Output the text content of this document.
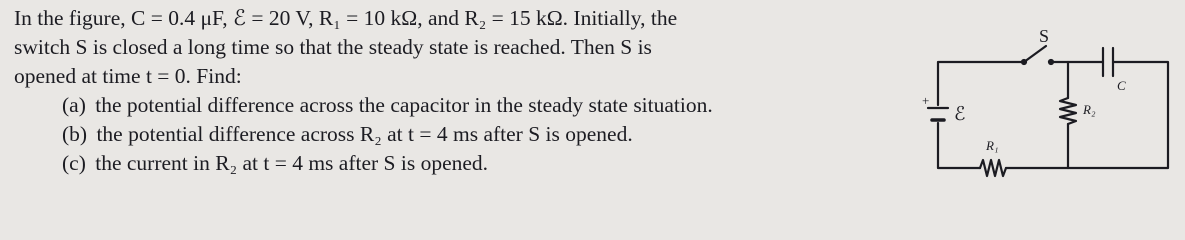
In the figure, C = 0.4 μF, ℰ = 20 V, R₁ = 10 kΩ, and R₂ = 15 kΩ. Initially, the
switch S is closed a long time so that the steady state is reached. Then S is
opened at time t = 0. Find:
(a) the potential difference across the capacitor in the steady state situation.
(b) the potential difference across R₂ at t = 4 ms after S is opened.
(c) the current in R₂ at t = 4 ms after S is opened.
+
ℰ
S
C
R₁
R₂
